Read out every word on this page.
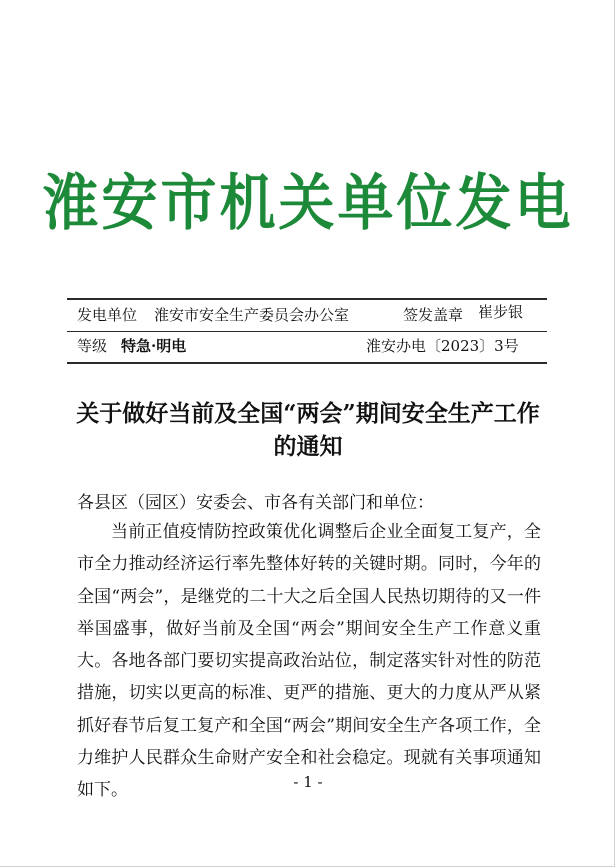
淮安市机关单位发电
发电单位 淮安市安全生产委员会办公室	签发盖章 崔步银
等级 特急·明电	淮安办电〔2023〕3号
关于做好当前及全国“两会”期间安全生产工作
的通知
各县区（园区）安委会、市各有关部门和单位：
当前正值疫情防控政策优化调整后企业全面复工复产，全市全力推动经济运行率先整体好转的关键时期。同时，今年的全国“两会”，是继党的二十大之后全国人民热切期待的又一件举国盛事，做好当前及全国“两会”期间安全生产工作意义重大。各地各部门要切实提高政治站位，制定落实针对性的防范措施，切实以更高的标准、更严的措施、更大的力度从严从紧抓好春节后复工复产和全国“两会”期间安全生产各项工作，全力维护人民群众生命财产安全和社会稳定。现就有关事项通知如下。	- 1 -
